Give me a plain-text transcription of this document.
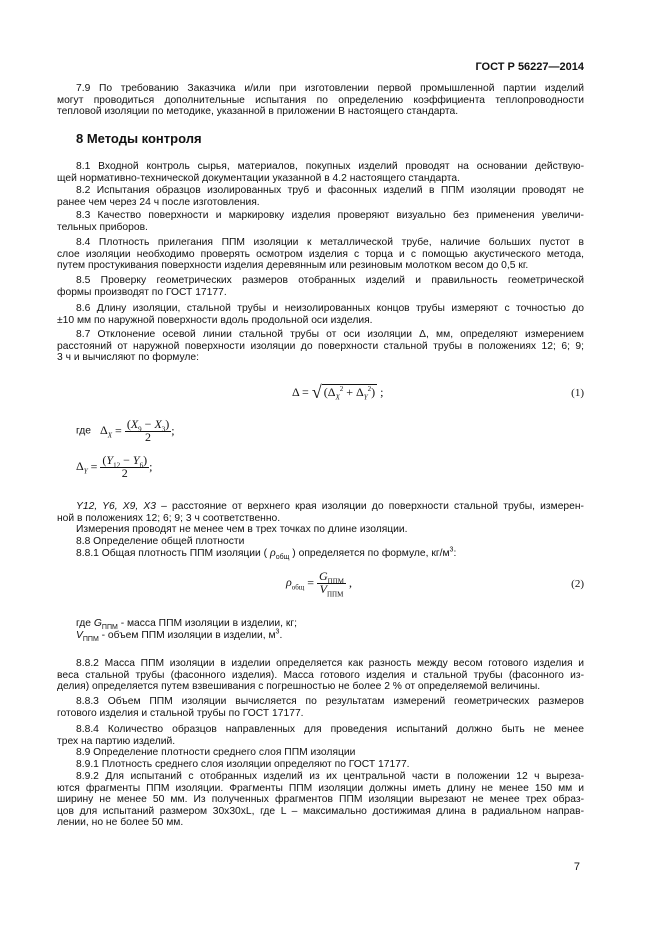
ГОСТ Р 56227—2014
7.9 По требованию Заказчика и/или при изготовлении первой промышленной партии изделий
могут проводиться дополнительные испытания по определению коэффициента теплопроводности
тепловой изоляции по методике, указанной в приложении В настоящего стандарта.
8 Методы контроля
8.1 Входной контроль сырья, материалов, покупных изделий проводят на основании действую-
щей нормативно-технической документации указанной в 4.2 настоящего стандарта.
8.2 Испытания образцов изолированных труб и фасонных изделий в ППМ изоляции проводят не
ранее чем через 24 ч после изготовления.
8.3 Качество поверхности и маркировку изделия проверяют визуально без применения увеличи-
тельных приборов.
8.4 Плотность прилегания ППМ изоляции к металлической трубе, наличие больших пустот в
слое изоляции необходимо проверять осмотром изделия с торца и с помощью акустического метода,
путем простукивания поверхности изделия деревянным или резиновым молотком весом до 0,5 кг.
8.5 Проверку геометрических размеров отобранных изделий и правильность геометрической
формы производят по ГОСТ 17177.
8.6 Длину изоляции, стальной трубы и неизолированных концов трубы измеряют с точностью до
±10 мм по наружной поверхности вдоль продольной оси изделия.
8.7 Отклонение осевой линии стальной трубы от оси изоляции Δ, мм, определяют измерением
расстояний от наружной поверхности изоляции до поверхности стальной трубы в положениях 12; 6; 9;
3 ч и вычисляют по формуле:
Δ = √ $(\Delta_X^2 + \Delta_Y^2)$ ;	(1)
где $\Delta_X = \frac{(X_9 - X_3)}{2}$ ;
$\Delta_Y = \frac{(Y_{12} - Y_6)}{2}$ ;
Y12, Y6, X9, X3 – расстояние от верхнего края изоляции до поверхности стальной трубы, измерен-
ной в положениях 12; 6; 9; 3 ч соответственно.
Измерения проводят не менее чем в трех точках по длине изоляции.
8.8 Определение общей плотности
8.8.1 Общая плотность ППМ изоляции ( $\rho_{общ}$ ) определяется по формуле, $кг/м^3$:
$\rho_{общ} = \frac{G_{ППМ}}{V_{ППМ}}$ ,	(2)
где $G_{ППМ}$ - масса ППМ изоляции в изделии, кг;
$V_{ППМ}$ - объем ППМ изоляции в изделии, $м^3$.
8.8.2 Масса ППМ изоляции в изделии определяется как разность между весом готового изделия и
веса стальной трубы (фасонного изделия). Масса готового изделия и стальной трубы (фасонного из-
делия) определяется путем взвешивания с погрешностью не более 2 % от определяемой величины.
8.8.3 Объем ППМ изоляции вычисляется по результатам измерений геометрических размеров
готового изделия и стальной трубы по ГОСТ 17177.
8.8.4 Количество образцов направленных для проведения испытаний должно быть не менее
трех на партию изделий.
8.9 Определение плотности среднего слоя ППМ изоляции
8.9.1 Плотность среднего слоя изоляции определяют по ГОСТ 17177.
8.9.2 Для испытаний с отобранных изделий из их центральной части в положении 12 ч выреза-
ются фрагменты ППМ изоляции. Фрагменты ППМ изоляции должны иметь длину не менее 150 мм и
ширину не менее 50 мм. Из полученных фрагментов ППМ изоляции вырезают не менее трех образ-
цов для испытаний размером 30х30хL, где L – максимально достижимая длина в радиальном направ-
лении, но не более 50 мм.
7
